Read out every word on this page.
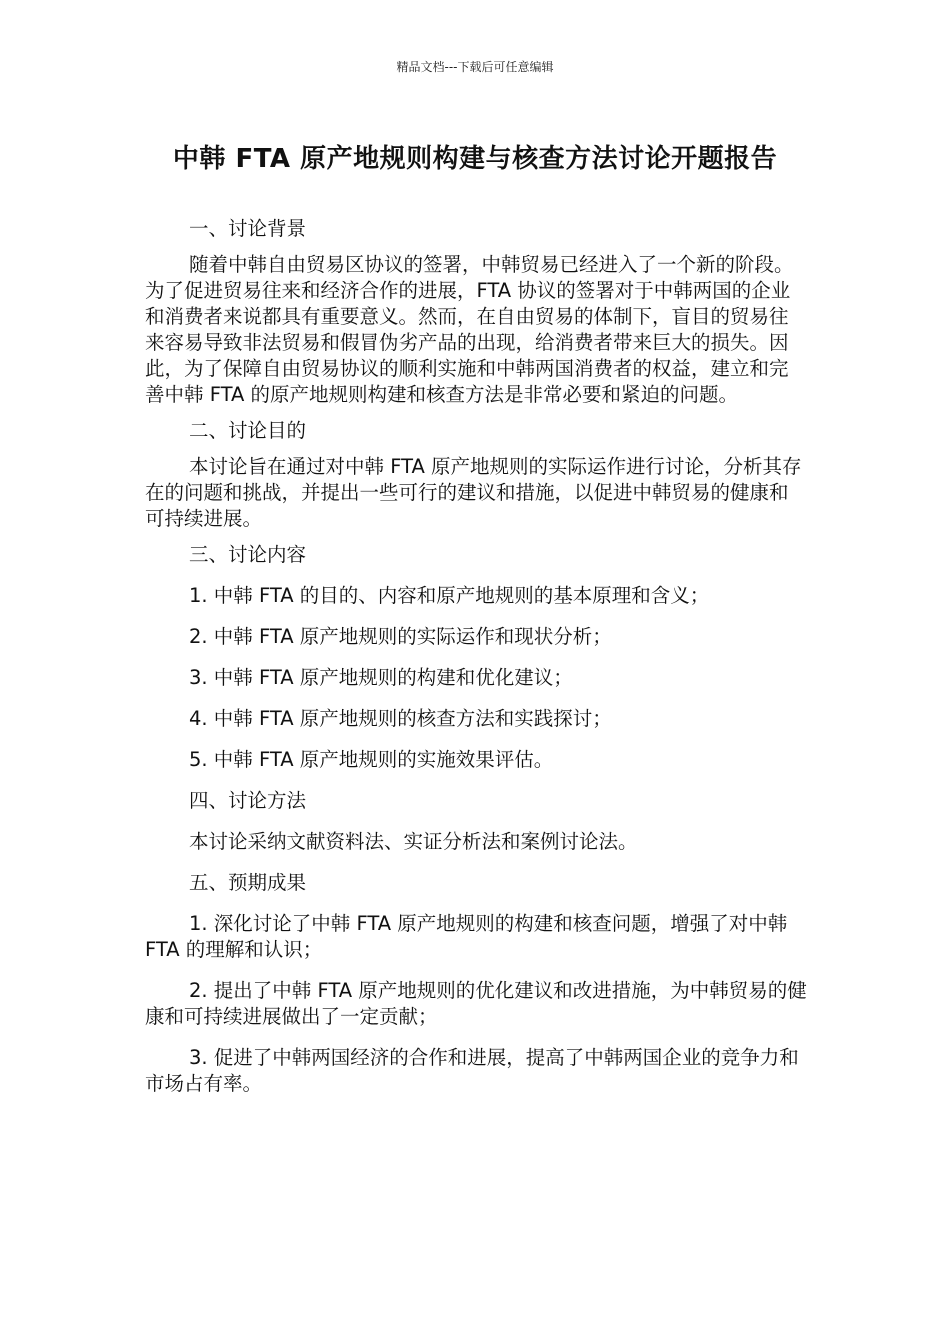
精品文档---下载后可任意编辑
中韩 FTA 原产地规则构建与核查方法讨论开题报告

一、讨论背景

随着中韩自由贸易区协议的签署，中韩贸易已经进入了一个新的阶段。为了促进贸易往来和经济合作的进展，FTA 协议的签署对于中韩两国的企业和消费者来说都具有重要意义。然而，在自由贸易的体制下，盲目的贸易往来容易导致非法贸易和假冒伪劣产品的出现，给消费者带来巨大的损失。因此，为了保障自由贸易协议的顺利实施和中韩两国消费者的权益，建立和完善中韩 FTA 的原产地规则构建和核查方法是非常必要和紧迫的问题。

二、讨论目的

本讨论旨在通过对中韩 FTA 原产地规则的实际运作进行讨论，分析其存在的问题和挑战，并提出一些可行的建议和措施，以促进中韩贸易的健康和可持续进展。

三、讨论内容

1. 中韩 FTA 的目的、内容和原产地规则的基本原理和含义；

2. 中韩 FTA 原产地规则的实际运作和现状分析；

3. 中韩 FTA 原产地规则的构建和优化建议；

4. 中韩 FTA 原产地规则的核查方法和实践探讨；

5. 中韩 FTA 原产地规则的实施效果评估。

四、讨论方法

本讨论采纳文献资料法、实证分析法和案例讨论法。

五、预期成果

1. 深化讨论了中韩 FTA 原产地规则的构建和核查问题，增强了对中韩 FTA 的理解和认识；

2. 提出了中韩 FTA 原产地规则的优化建议和改进措施，为中韩贸易的健康和可持续进展做出了一定贡献；

3. 促进了中韩两国经济的合作和进展，提高了中韩两国企业的竞争力和市场占有率。
